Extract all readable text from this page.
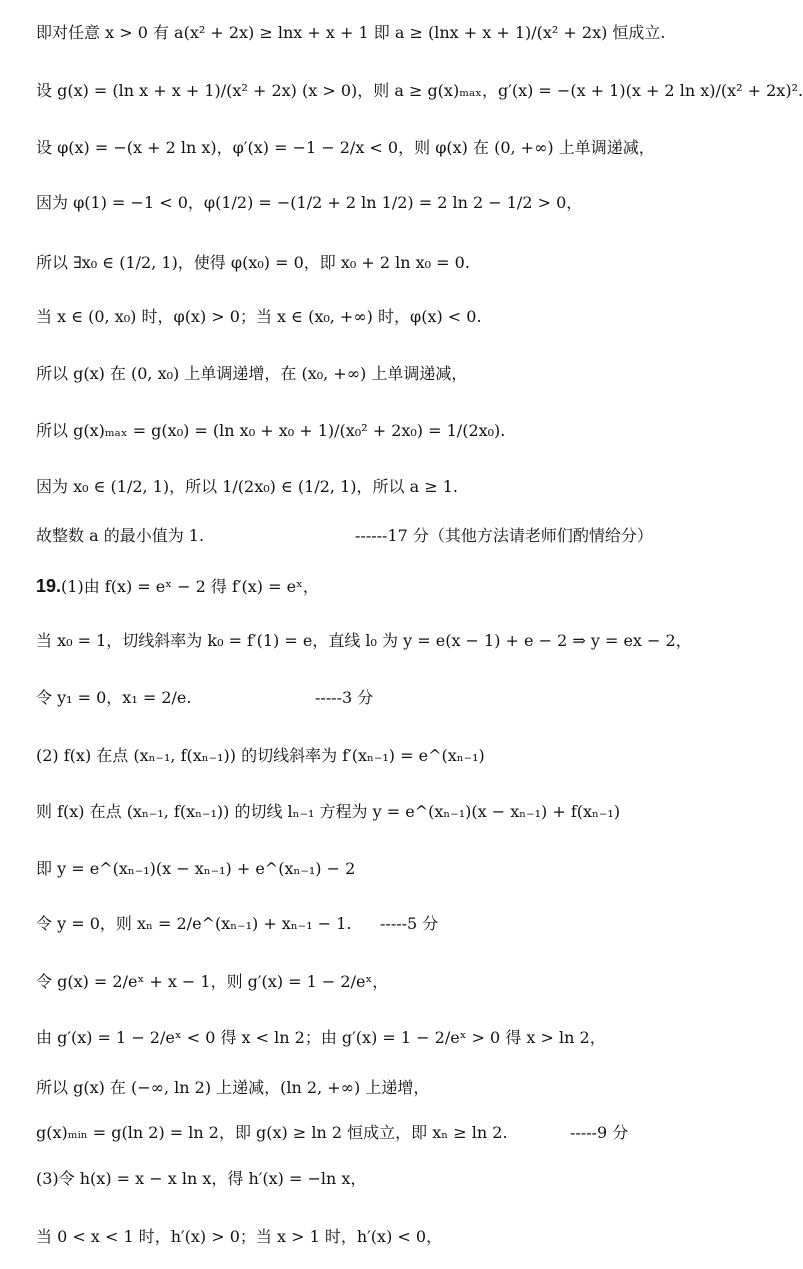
即对任意 x > 0 有 a(x² + 2x) ≥ lnx + x + 1 即 a ≥ (lnx + x + 1)/(x² + 2x) 恒成立.
设 g(x) = (ln x + x + 1)/(x² + 2x) (x > 0)，则 a ≥ g(x)ₘₐₓ，g′(x) = −(x + 1)(x + 2 ln x)/(x² + 2x)².
设 φ(x) = −(x + 2 ln x)，φ′(x) = −1 − 2/x < 0，则 φ(x) 在 (0, +∞) 上单调递减，
因为 φ(1) = −1 < 0，φ(1/2) = −(1/2 + 2 ln 1/2) = 2 ln 2 − 1/2 > 0，
所以 ∃x₀ ∈ (1/2, 1)，使得 φ(x₀) = 0，即 x₀ + 2 ln x₀ = 0.
当 x ∈ (0, x₀) 时，φ(x) > 0；当 x ∈ (x₀, +∞) 时，φ(x) < 0.
所以 g(x) 在 (0, x₀) 上单调递增，在 (x₀, +∞) 上单调递减，
所以 g(x)ₘₐₓ = g(x₀) = (ln x₀ + x₀ + 1)/(x₀² + 2x₀) = 1/(2x₀).
因为 x₀ ∈ (1/2, 1)，所以 1/(2x₀) ∈ (1/2, 1)，所以 a ≥ 1.
故整数 a 的最小值为 1.	------17 分（其他方法请老师们酌情给分）
19.(1)由 f(x) = eˣ − 2 得 f′(x) = eˣ，
当 x₀ = 1，切线斜率为 k₀ = f′(1) = e，直线 l₀ 为 y = e(x − 1) + e − 2 ⇒ y = ex − 2，
令 y₁ = 0，x₁ = 2/e.	-----3 分
(2) f(x) 在点 (xₙ₋₁, f(xₙ₋₁)) 的切线斜率为 f′(xₙ₋₁) = e^(xₙ₋₁)
则 f(x) 在点 (xₙ₋₁, f(xₙ₋₁)) 的切线 lₙ₋₁ 方程为 y = e^(xₙ₋₁)(x − xₙ₋₁) + f(xₙ₋₁)
即 y = e^(xₙ₋₁)(x − xₙ₋₁) + e^(xₙ₋₁) − 2
令 y = 0，则 xₙ = 2/e^(xₙ₋₁) + xₙ₋₁ − 1. -----5 分
令 g(x) = 2/eˣ + x − 1，则 g′(x) = 1 − 2/eˣ，
由 g′(x) = 1 − 2/eˣ < 0 得 x < ln 2；由 g′(x) = 1 − 2/eˣ > 0 得 x > ln 2，
所以 g(x) 在 (−∞, ln 2) 上递减，(ln 2, +∞) 上递增，
g(x)ₘᵢₙ = g(ln 2) = ln 2，即 g(x) ≥ ln 2 恒成立，即 xₙ ≥ ln 2.	-----9 分
(3)令 h(x) = x − x ln x，得 h′(x) = −ln x，
当 0 < x < 1 时，h′(x) > 0；当 x > 1 时，h′(x) < 0，
